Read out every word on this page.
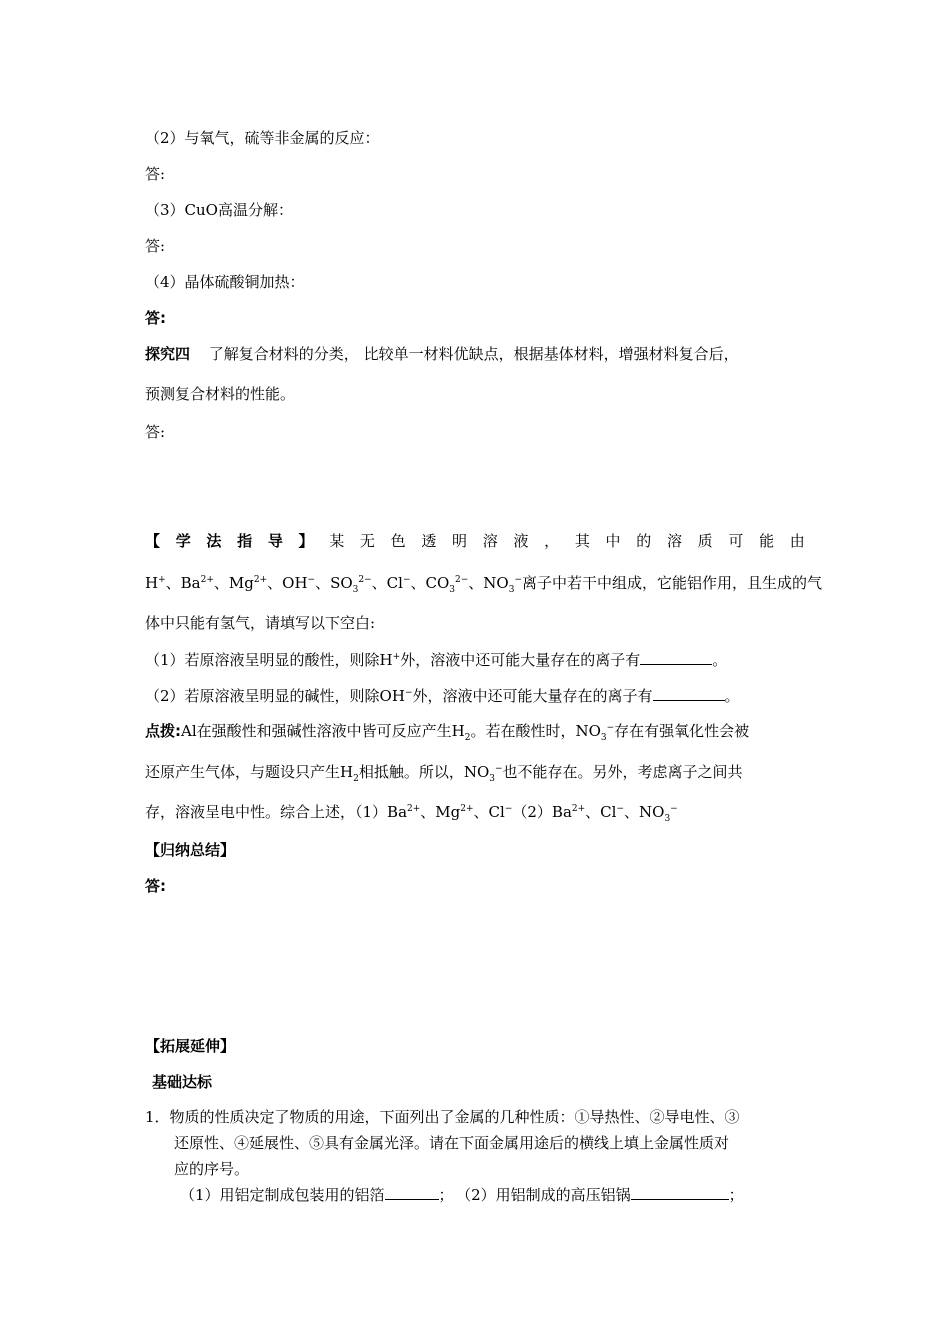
（2）与氧气，硫等非金属的反应：
答:
（3）CuO高温分解：
答:
（4）晶体硫酸铜加热：
答:
探究四 了解复合材料的分类， 比较单一材料优缺点，根据基体材料，增强材料复合后，
预测复合材料的性能。
答:
【 学 法 指 导 】 某 无 色 透 明 溶 液 ， 其 中 的 溶 质 可 能 由
H+、$Ba^{2+}$、$Mg^{2+}$、OH−、$SO_3^{2-}$、Cl−、$CO_3^{2-}$、$NO_3^-$离子中若干中组成，它能铝作用，且生成的气
体中只能有氢气，请填写以下空白:
（1）若原溶液呈明显的酸性，则除H+外，溶液中还可能大量存在的离子有	。
（2）若原溶液呈明显的碱性，则除OH−外，溶液中还可能大量存在的离子有	。
点拨:Al在强酸性和强碱性溶液中皆可反应产生$H_2$。若在酸性时，$NO_3^-$存在有强氧化性会被
还原产生气体，与题设只产生$H_2$相抵触。所以，$NO_3^-$也不能存在。另外，考虑离子之间共
存，溶液呈电中性。综合上述，$(1)Ba^{2+}$、$Mg^{2+}$、$Cl^-(2)Ba^{2+}$、Cl−、$NO_3^-$
【归纳总结】
答:
【拓展延伸】
基础达标
1．物质的性质决定了物质的用途，下面列出了金属的几种性质：①导热性、②导电性、③
还原性、④延展性、⑤具有金属光泽。请在下面金属用途后的横线上填上金属性质对
应的序号。
（1）用铝定制成包装用的铝箔	； （2）用铝制成的高压铝锅	；
